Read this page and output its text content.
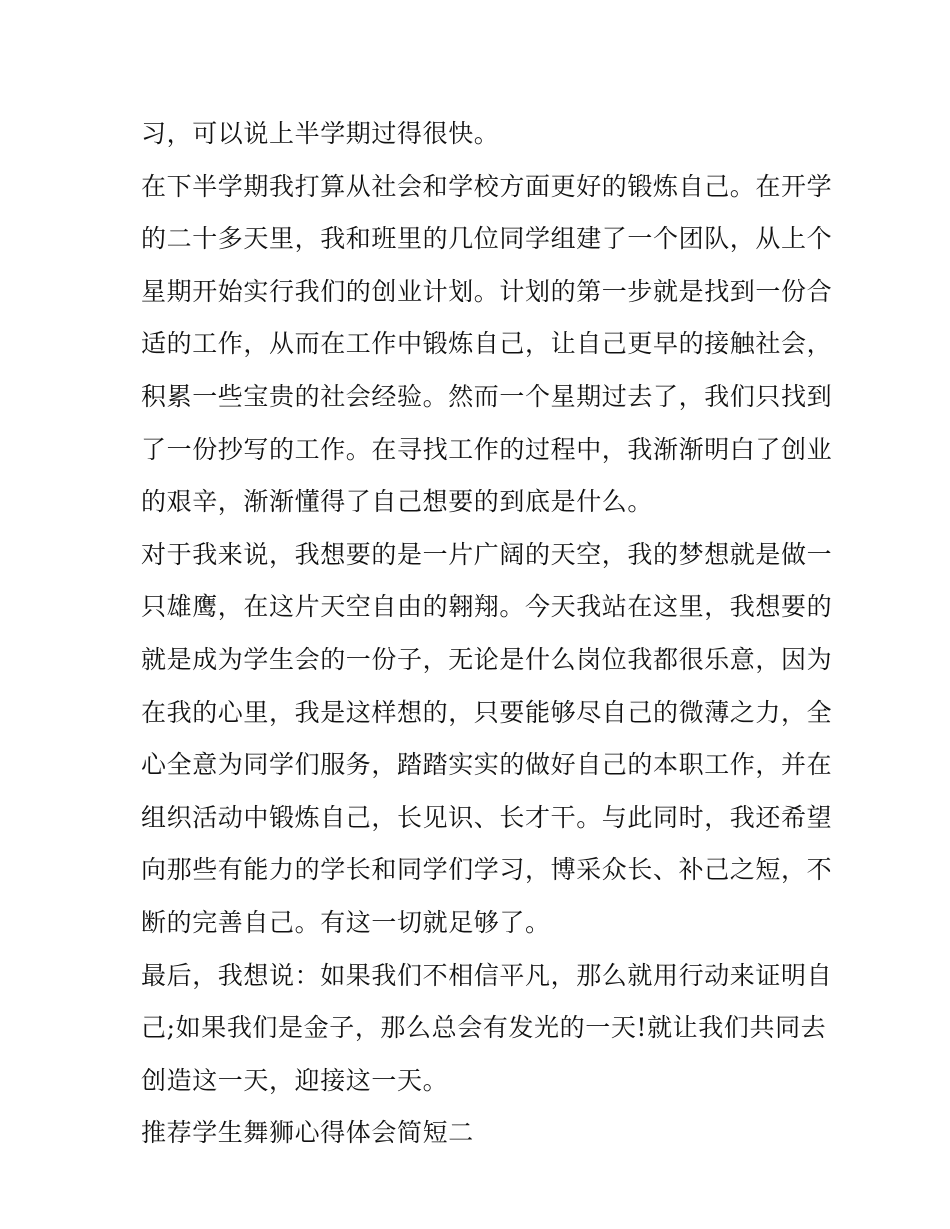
习，可以说上半学期过得很快。
在下半学期我打算从社会和学校方面更好的锻炼自己。在开学
的二十多天里，我和班里的几位同学组建了一个团队，从上个
星期开始实行我们的创业计划。计划的第一步就是找到一份合
适的工作，从而在工作中锻炼自己，让自己更早的接触社会，
积累一些宝贵的社会经验。然而一个星期过去了，我们只找到
了一份抄写的工作。在寻找工作的过程中，我渐渐明白了创业
的艰辛，渐渐懂得了自己想要的到底是什么。
对于我来说，我想要的是一片广阔的天空，我的梦想就是做一
只雄鹰，在这片天空自由的翱翔。今天我站在这里，我想要的
就是成为学生会的一份子，无论是什么岗位我都很乐意，因为
在我的心里，我是这样想的，只要能够尽自己的微薄之力，全
心全意为同学们服务，踏踏实实的做好自己的本职工作，并在
组织活动中锻炼自己，长见识、长才干。与此同时，我还希望
向那些有能力的学长和同学们学习，博采众长、补己之短，不
断的完善自己。有这一切就足够了。
最后，我想说：如果我们不相信平凡，那么就用行动来证明自
己;如果我们是金子，那么总会有发光的一天!就让我们共同去
创造这一天，迎接这一天。
推荐学生舞狮心得体会简短二
